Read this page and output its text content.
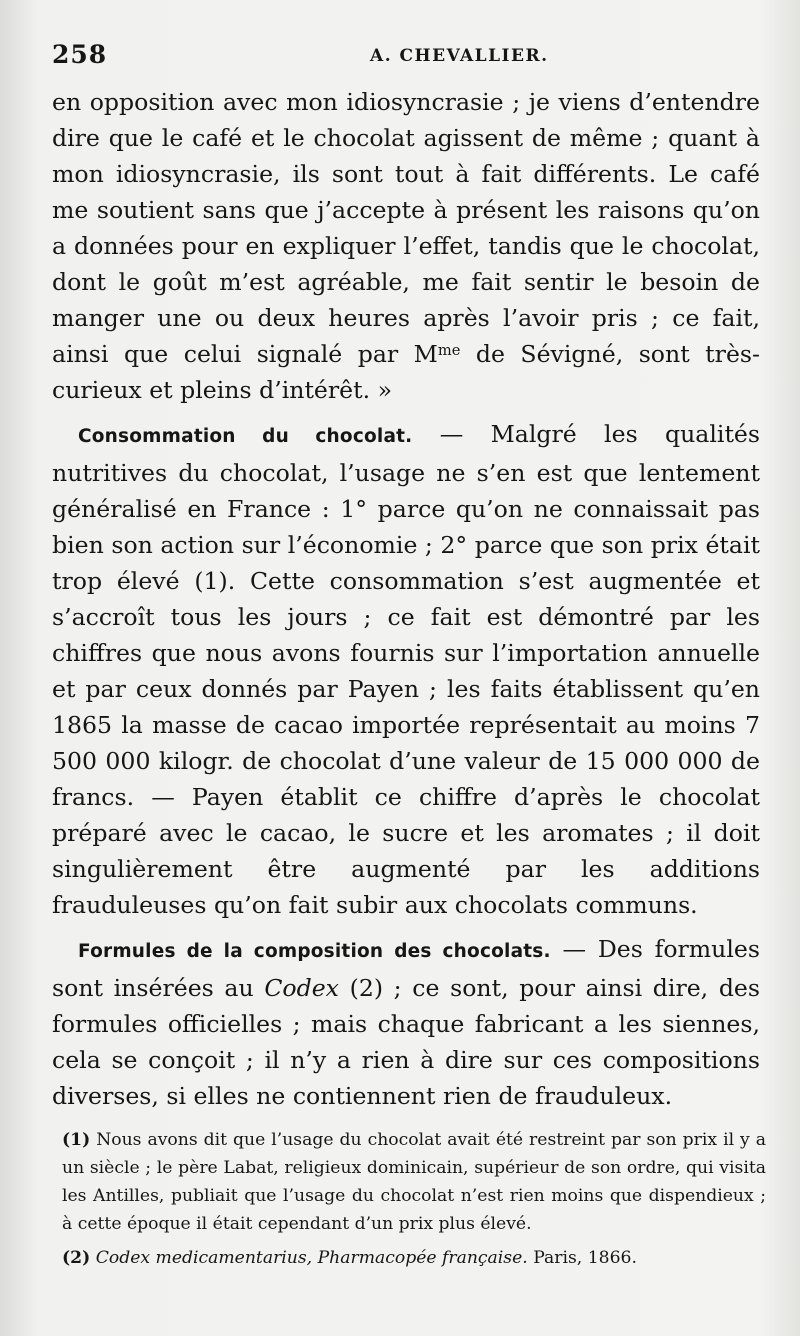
258	A. CHEVALLIER.

en opposition avec mon idiosyncrasie ; je viens d’entendre dire que le café et le chocolat agissent de même ; quant à mon idiosyncrasie, ils sont tout à fait différents. Le café me soutient sans que j’accepte à présent les raisons qu’on a données pour en expliquer l’effet, tandis que le chocolat, dont le goût m’est agréable, me fait sentir le besoin de manger une ou deux heures après l’avoir pris ; ce fait, ainsi que celui signalé par $M^{me}$ de Sévigné, sont très-curieux et pleins d’intérêt. »

Consommation du chocolat. — Malgré les qualités nutritives du chocolat, l’usage ne s’en est que lentement généralisé en France : 1° parce qu’on ne connaissait pas bien son action sur l’économie ; 2° parce que son prix était trop élevé (1). Cette consommation s’est augmentée et s’accroît tous les jours ; ce fait est démontré par les chiffres que nous avons fournis sur l’importation annuelle et par ceux donnés par Payen ; les faits établissent qu’en 1865 la masse de cacao importée représentait au moins 7 500 000 kilogr. de chocolat d’une valeur de 15 000 000 de francs. — Payen établit ce chiffre d’après le chocolat préparé avec le cacao, le sucre et les aromates ; il doit singulièrement être augmenté par les additions frauduleuses qu’on fait subir aux chocolats communs.

Formules de la composition des chocolats. — Des formules sont insérées au Codex (2) ; ce sont, pour ainsi dire, des formules officielles ; mais chaque fabricant a les siennes, cela se conçoit ; il n’y a rien à dire sur ces compositions diverses, si elles ne contiennent rien de frauduleux.

(1) Nous avons dit que l’usage du chocolat avait été restreint par son prix il y a un siècle ; le père Labat, religieux dominicain, supérieur de son ordre, qui visita les Antilles, publiait que l’usage du chocolat n’est rien moins que dispendieux ; à cette époque il était cependant d’un prix plus élevé.

(2) Codex medicamentarius, Pharmacopée française. Paris, 1866.
